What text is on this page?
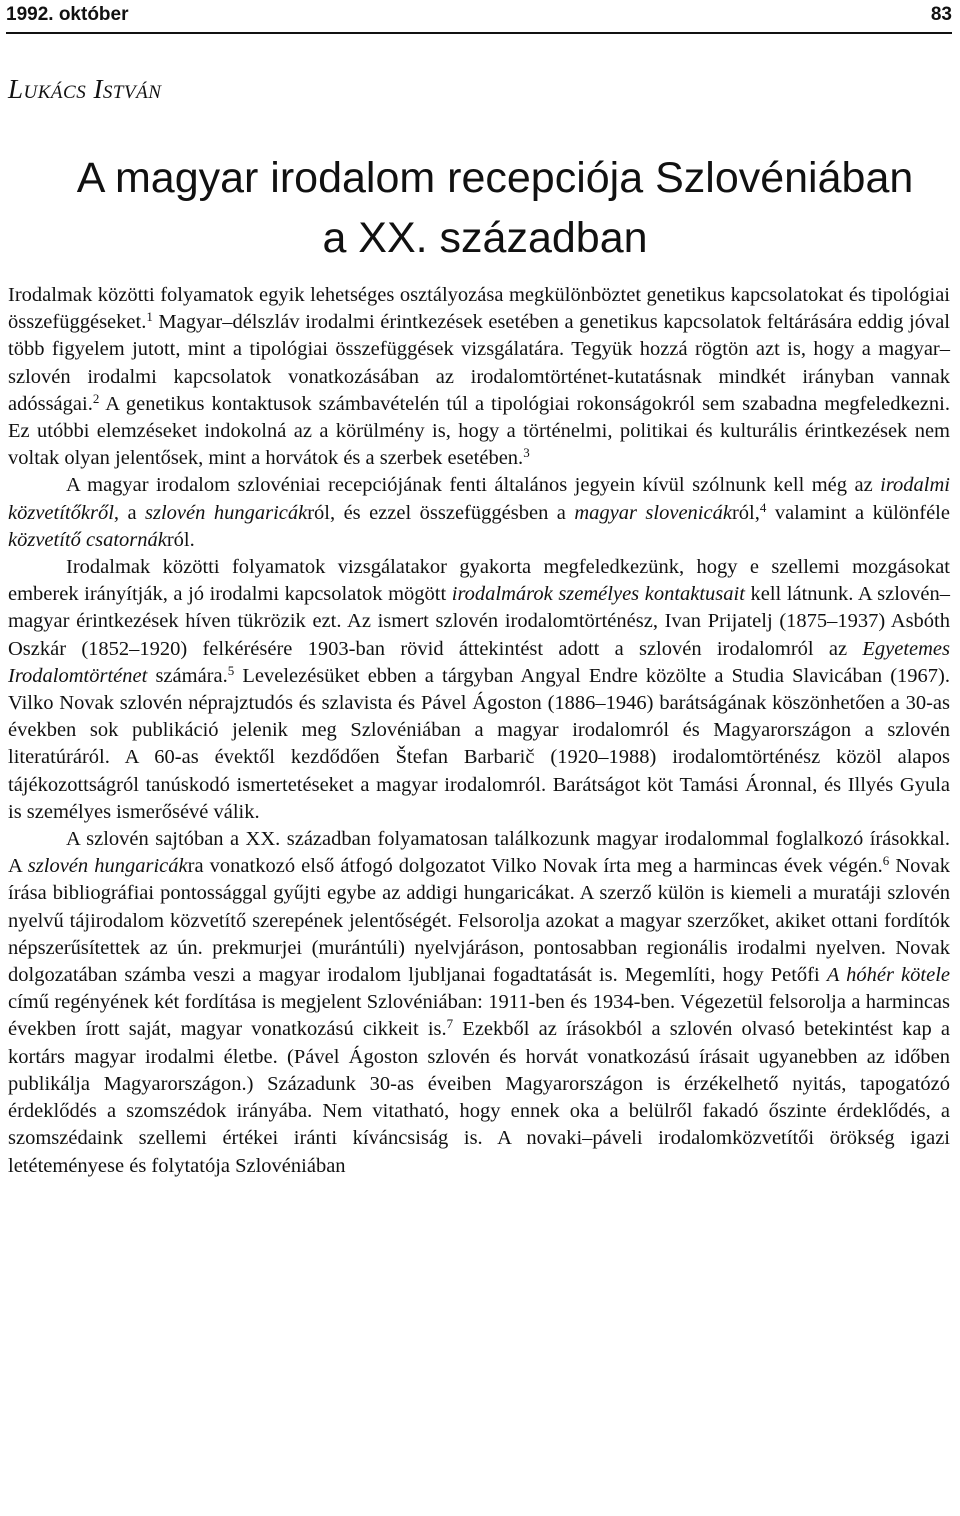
1992. október	83
Lukács István
A magyar irodalom recepciója Szlovéniában
a XX. században

Irodalmak közötti folyamatok egyik lehetséges osztályozása megkülönböztet genetikus kapcsolatokat és tipológiai összefüggéseket.$^1$ Magyar–délszláv irodalmi érintkezések esetében a genetikus kapcsolatok feltárására eddig jóval több figyelem jutott, mint a tipológiai összefüggések vizsgálatára. Tegyük hozzá rögtön azt is, hogy a magyar–szlovén irodalmi kapcsolatok vonatkozásában az irodalomtörténet-kutatásnak mindkét irányban vannak adósságai.$^2$ A genetikus kontaktusok számbavételén túl a tipológiai rokonságokról sem szabadna megfeledkezni. Ez utóbbi elemzéseket indokolná az a körülmény is, hogy a történelmi, politikai és kulturális érintkezések nem voltak olyan jelentősek, mint a horvátok és a szerbek esetében.$^3$

A magyar irodalom szlovéniai recepciójának fenti általános jegyein kívül szólnunk kell még az irodalmi közvetítőkről, a szlovén hungaricákról, és ezzel összefüggésben a magyar slovenicákról,$^4$ valamint a különféle közvetítő csatornákról.

Irodalmak közötti folyamatok vizsgálatakor gyakorta megfeledkezünk, hogy e szellemi mozgásokat emberek irányítják, a jó irodalmi kapcsolatok mögött irodalmárok személyes kontaktusait kell látnunk. A szlovén–magyar érintkezések híven tükrözik ezt. Az ismert szlovén irodalomtörténész, Ivan Prijatelj (1875–1937) Asbóth Oszkár (1852–1920) felkérésére 1903-ban rövid áttekintést adott a szlovén irodalomról az Egyetemes Irodalomtörténet számára.$^5$ Levelezésüket ebben a tárgyban Angyal Endre közölte a Studia Slavicában (1967). Vilko Novak szlovén néprajztudós és szlavista és Pável Ágoston (1886–1946) barátságának köszönhetően a 30-as években sok publikáció jelenik meg Szlovéniában a magyar irodalomról és Magyarországon a szlovén literatúráról. A 60-as évektől kezdődően Štefan Barbarič (1920–1988) irodalomtörténész közöl alapos tájékozottságról tanúskodó ismertetéseket a magyar irodalomról. Barátságot köt Tamási Áronnal, és Illyés Gyula is személyes ismerősévé válik.

A szlovén sajtóban a XX. században folyamatosan találkozunk magyar irodalommal foglalkozó írásokkal. A szlovén hungaricákra vonatkozó első átfogó dolgozatot Vilko Novak írta meg a harmincas évek végén.$^6$ Novak írása bibliográfiai pontossággal gyűjti egybe az addigi hungaricákat. A szerző külön is kiemeli a muratáji szlovén nyelvű tájirodalom közvetítő szerepének jelentőségét. Felsorolja azokat a magyar szerzőket, akiket ottani fordítók népszerűsítettek az ún. prekmurjei (murántúli) nyelvjáráson, pontosabban regionális irodalmi nyelven. Novak dolgozatában számba veszi a magyar irodalom ljubljanai fogadtatását is. Megemlíti, hogy Petőfi A hóhér kötele című regényének két fordítása is megjelent Szlovéniában: 1911-ben és 1934-ben. Végezetül felsorolja a harmincas években írott saját, magyar vonatkozású cikkeit is.$^7$ Ezekből az írásokból a szlovén olvasó betekintést kap a kortárs magyar irodalmi életbe. (Pável Ágoston szlovén és horvát vonatkozású írásait ugyanebben az időben publikálja Magyarországon.) Századunk 30-as éveiben Magyarországon is érzékelhető nyitás, tapogatózó érdeklődés a szomszédok irányába. Nem vitatható, hogy ennek oka a belülről fakadó őszinte érdeklődés, a szomszédaink szellemi értékei iránti kíváncsiság is. A novaki–páveli irodalomközvetítői örökség igazi letéteményese és folytatója Szlovéniában
